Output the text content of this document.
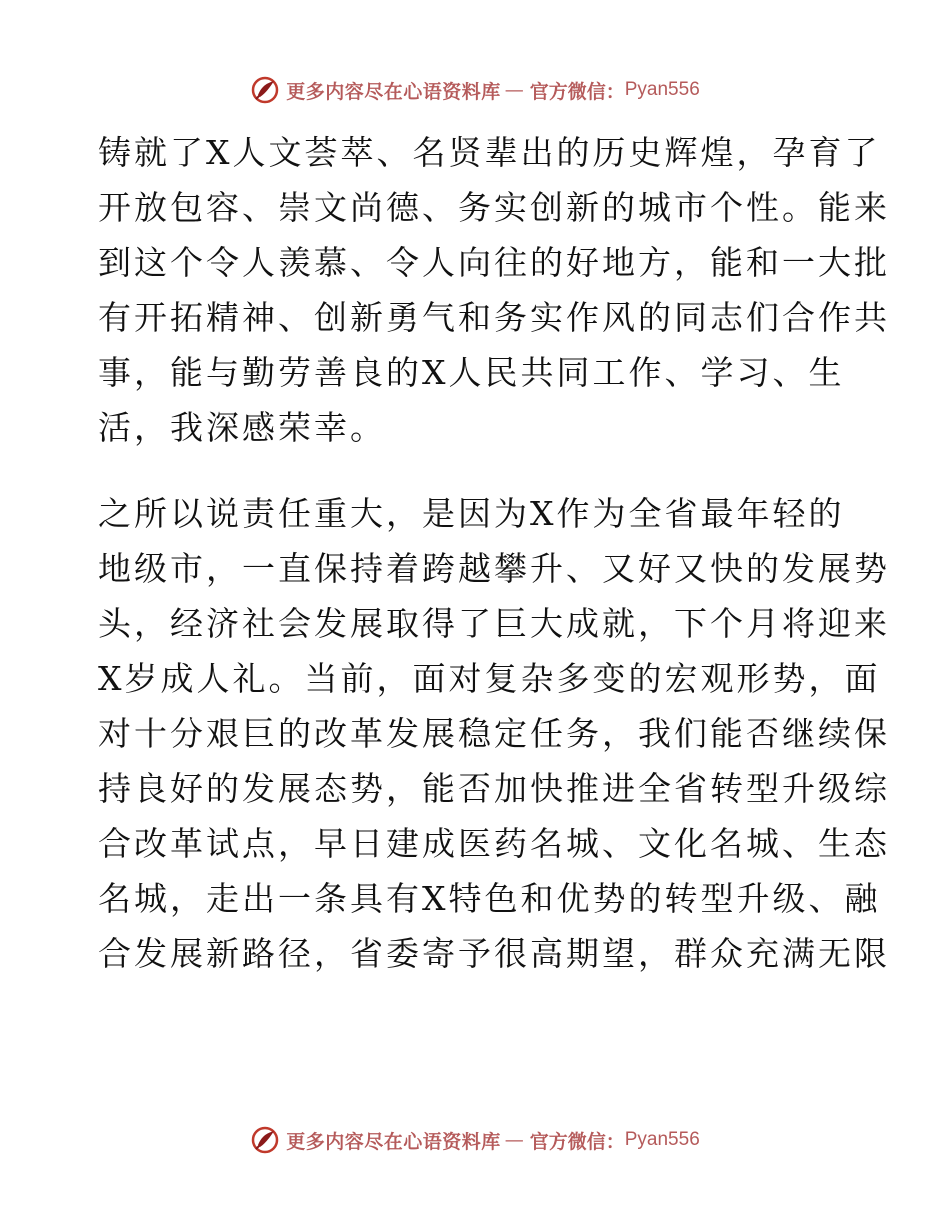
更多内容尽在心语资料库 — 官方微信： Pyan556
铸就了X人文荟萃、名贤辈出的历史辉煌，孕育了
开放包容、崇文尚德、务实创新的城市个性。能来
到这个令人羡慕、令人向往的好地方，能和一大批
有开拓精神、创新勇气和务实作风的同志们合作共
事，能与勤劳善良的X人民共同工作、学习、生
活，我深感荣幸。
之所以说责任重大，是因为X作为全省最年轻的
地级市，一直保持着跨越攀升、又好又快的发展势
头，经济社会发展取得了巨大成就，下个月将迎来
X岁成人礼。当前，面对复杂多变的宏观形势，面
对十分艰巨的改革发展稳定任务，我们能否继续保
持良好的发展态势，能否加快推进全省转型升级综
合改革试点，早日建成医药名城、文化名城、生态
名城，走出一条具有X特色和优势的转型升级、融
合发展新路径，省委寄予很高期望，群众充满无限
更多内容尽在心语资料库 — 官方微信： Pyan556
